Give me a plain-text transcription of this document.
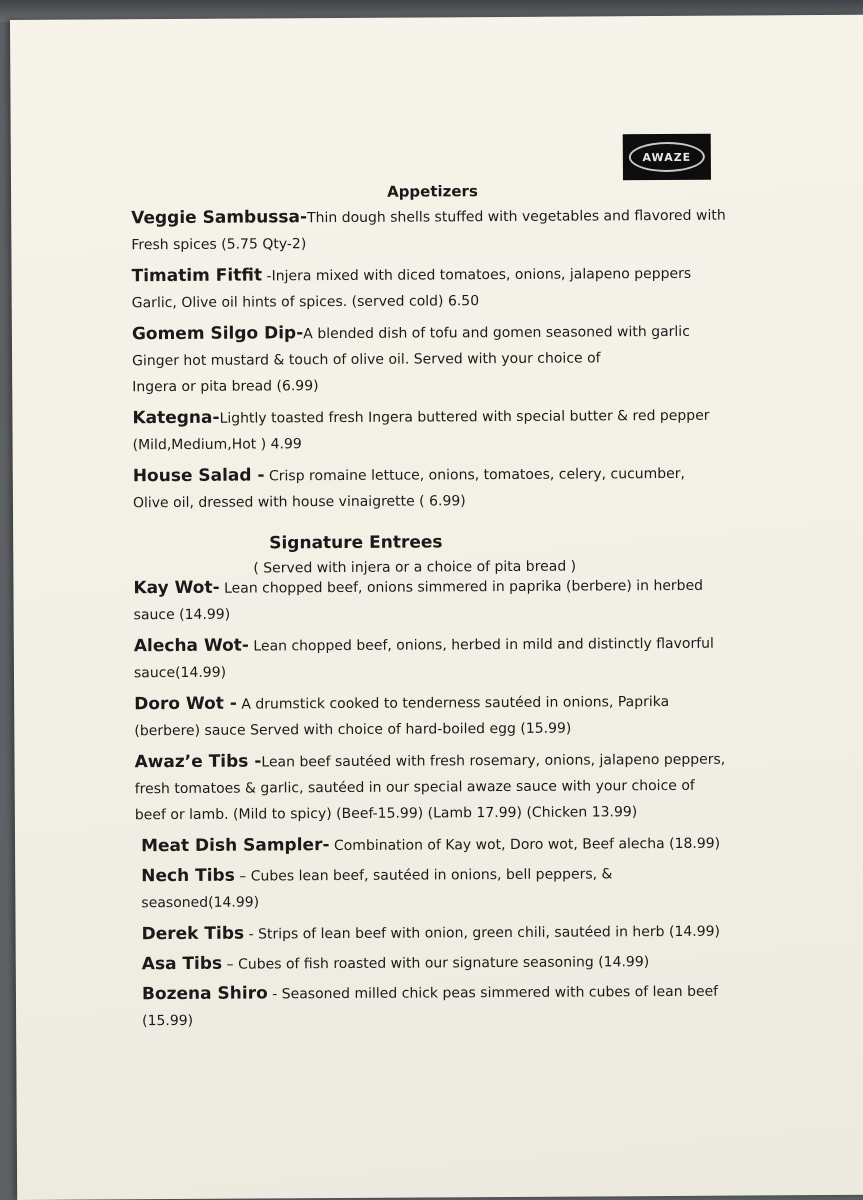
AWAZE
Appetizers
Veggie Sambussa-Thin dough shells stuffed with vegetables and flavored with
Fresh spices (5.75 Qty-2)
Timatim Fitfit -Injera mixed with diced tomatoes, onions, jalapeno peppers
Garlic, Olive oil hints of spices. (served cold) 6.50
Gomem Silgo Dip-A blended dish of tofu and gomen seasoned with garlic
Ginger hot mustard & touch of olive oil. Served with your choice of
Ingera or pita bread (6.99)
Kategna-Lightly toasted fresh Ingera buttered with special butter & red pepper
(Mild,Medium,Hot ) 4.99
House Salad - Crisp romaine lettuce, onions, tomatoes, celery, cucumber,
Olive oil, dressed with house vinaigrette ( 6.99)
Signature Entrees
( Served with injera or a choice of pita bread )
Kay Wot- Lean chopped beef, onions simmered in paprika (berbere) in herbed
sauce (14.99)
Alecha Wot- Lean chopped beef, onions, herbed in mild and distinctly flavorful
sauce(14.99)
Doro Wot - A drumstick cooked to tenderness sautéed in onions, Paprika
(berbere) sauce Served with choice of hard-boiled egg (15.99)
Awaz’e Tibs -Lean beef sautéed with fresh rosemary, onions, jalapeno peppers,
fresh tomatoes & garlic, sautéed in our special awaze sauce with your choice of
beef or lamb. (Mild to spicy) (Beef-15.99) (Lamb 17.99) (Chicken 13.99)
Meat Dish Sampler- Combination of Kay wot, Doro wot, Beef alecha (18.99)
Nech Tibs – Cubes lean beef, sautéed in onions, bell peppers, &
seasoned(14.99)
Derek Tibs - Strips of lean beef with onion, green chili, sautéed in herb (14.99)
Asa Tibs – Cubes of fish roasted with our signature seasoning (14.99)
Bozena Shiro - Seasoned milled chick peas simmered with cubes of lean beef
(15.99)
